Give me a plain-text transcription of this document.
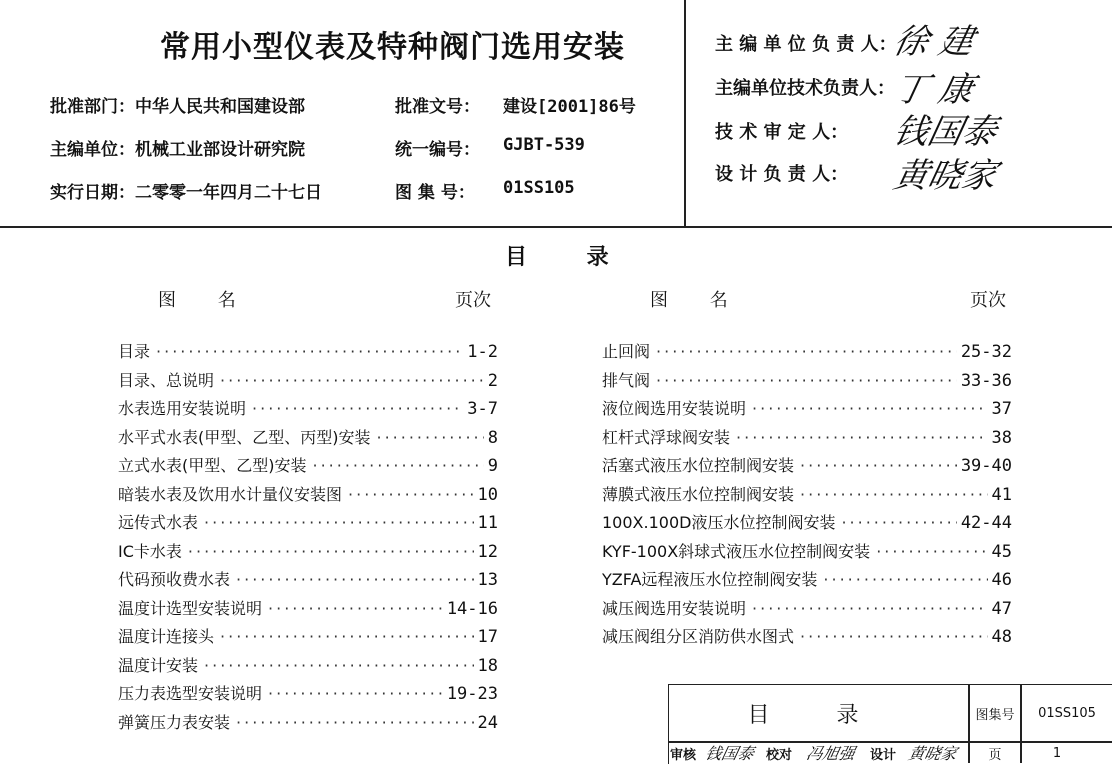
常用小型仪表及特种阀门选用安装
批准部门：中华人民共和国建设部	批准文号： 建设[2001]86号
主编单位：机械工业部设计研究院	统一编号： GJBT-539
实行日期：二零零一年四月二十七日	图 集 号： 01SS105
主 编 单 位 负 责 人：
徐 建
主编单位技术负责人：
丁 康
技 术 审 定 人：	钱国泰
设 计 负 责 人：	黄晓家
目 录
图 名	页次	图 名	页次
目录 ·····	1-2
目录、总说明 ·····	2
水表选用安装说明 ·····	3-7
水平式水表(甲型、乙型、丙型)安装 ·····	8
立式水表(甲型、乙型)安装 ·····	9
暗装水表及饮用水计量仪安装图 ·····	10
远传式水表 ·····	11
IC卡水表 ·····	12
代码预收费水表 ·····	13
温度计选型安装说明 ·····	14-16
温度计连接头 ·····	17
温度计安装 ·····	18
压力表选型安装说明 ·····	19-23
弹簧压力表安装 ·····	24
止回阀 ·····	25-32
排气阀 ·····	33-36
液位阀选用安装说明 ·····	37
杠杆式浮球阀安装 ·····	38
活塞式液压水位控制阀安装 ·····	39-40
薄膜式液压水位控制阀安装 ·····	41
100X.100D液压水位控制阀安装 ·····	42-44
KYF-100X斜球式液压水位控制阀安装 ·····	45
YZFA远程液压水位控制阀安装 ·····	46
减压阀选用安装说明 ·····	47
减压阀组分区消防供水图式 ·····	48
目 录	图集号	01SS105
审核 钱国泰 校对 冯旭强	设计 黄晓家	页	1
